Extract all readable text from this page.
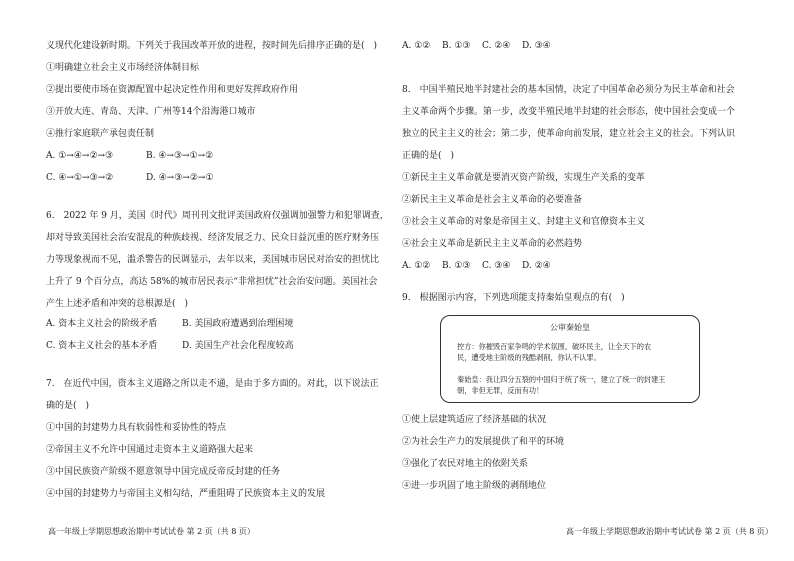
义现代化建设新时期。下列关于我国改革开放的进程，按时间先后排序正确的是(　)
①明确建立社会主义市场经济体制目标
②提出要使市场在资源配置中起决定性作用和更好发挥政府作用
③开放大连、青岛、天津、广州等14个沿海港口城市
④推行家庭联产承包责任制
A. ①→④→②→③	B. ④→③→①→②
C. ④→①→③→②	D. ④→③→②→①
6.　2022 年 9 月，美国《时代》周刊刊文批评美国政府仅强调加强警力和犯罪调查，
却对导致美国社会治安混乱的种族歧视、经济发展乏力、民众日益沉重的医疗财务压
力等现象视而不见，滥杀警告的民调显示，去年以来，美国城市居民对治安的担忧比
上升了 9 个百分点，高达 58%的城市居民表示“非常担忧”社会治安问题。美国社会
产生上述矛盾和冲突的总根源是(　)
A. 资本主义社会的阶级矛盾	B. 美国政府遭遇到治理困境
C. 资本主义社会的基本矛盾	D. 美国生产社会化程度较高
7.　在近代中国，资本主义道路之所以走不通，是由于多方面的。对此，以下说法正
确的是(　)
①中国的封建势力具有软弱性和妥协性的特点
②帝国主义不允许中国通过走资本主义道路强大起来
③中国民族资产阶级不愿意领导中国完成反帝反封建的任务
④中国的封建势力与帝国主义相勾结，严重阻碍了民族资本主义的发展
A. ①② B. ①③ C. ②④ D. ③④
8.　中国半殖民地半封建社会的基本国情，决定了中国革命必须分为民主革命和社会
主义革命两个步骤。第一步，改变半殖民地半封建的社会形态，使中国社会变成一个
独立的民主主义的社会；第二步，使革命向前发展，建立社会主义的社会。下列认识
正确的是(　)
①新民主主义革命就是要消灭资产阶级，实现生产关系的变革
②新民主主义革命是社会主义革命的必要准备
③社会主义革命的对象是帝国主义、封建主义和官僚资本主义
④社会主义革命是新民主主义革命的必然趋势
A. ①② B. ①③ C. ③④ D. ②④
9.　根据图示内容，下列选项能支持秦始皇观点的有(　)
①使上层建筑适应了经济基础的状况
②为社会生产力的发展提供了和平的环境
③强化了农民对地主的依附关系
④进一步巩固了地主阶级的剥削地位
公审秦始皇
控方：你摧毁百家争鸣的学术氛围，破坏民主，让全天下的农
民，遭受地主阶级的残酷剥削，你认不认罪。
秦始皇：我让四分五裂的中国归于统了统一，建立了统一的封建王
朝，非但无罪，反而有功！
高一年级上学期思想政治期中考试试卷 第 2 页（共 8 页）	高一年级上学期思想政治期中考试试卷 第 2 页（共 8 页）
